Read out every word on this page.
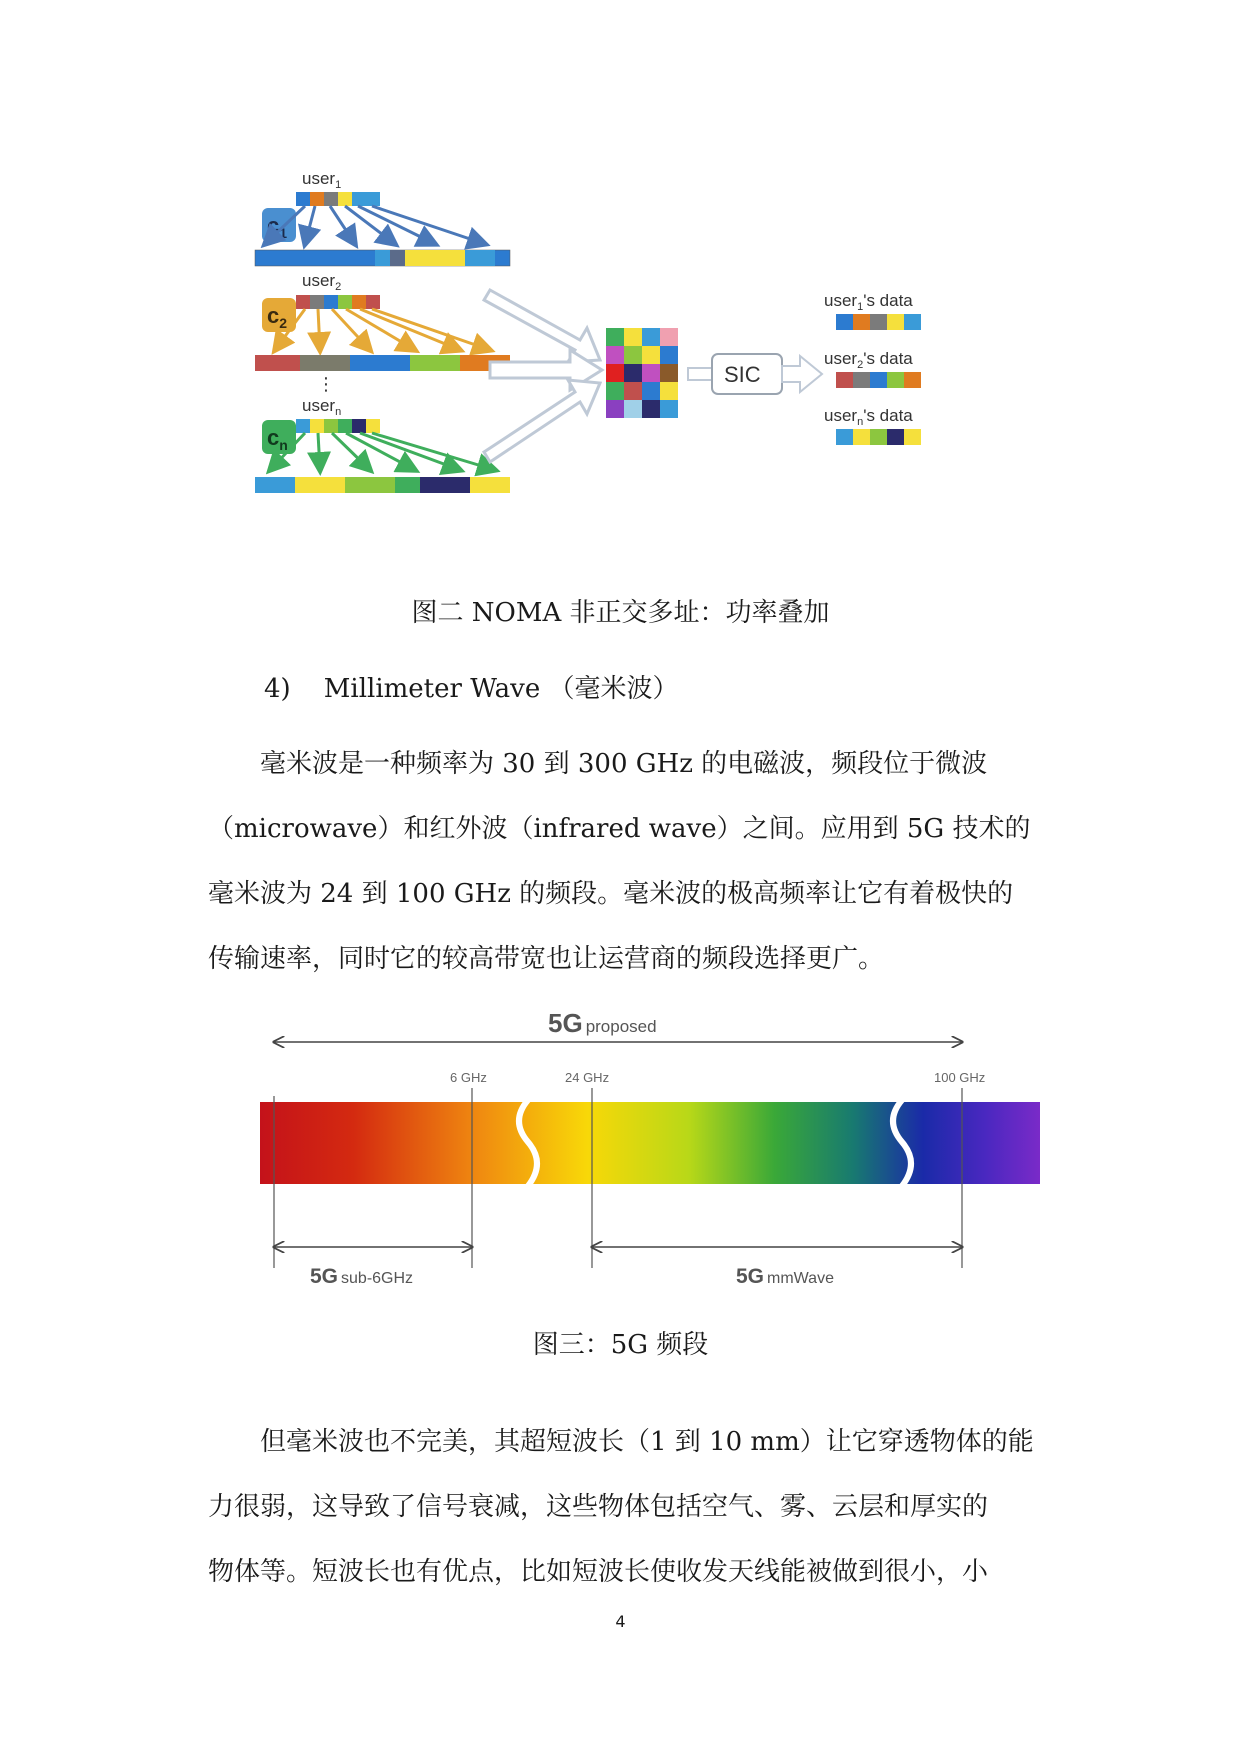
$c_1$
$c_2$
$c_n$
user$_1$
user$_2$
user$_n$
⋮	SIC
user$_1$'s data
user$_2$'s data
user$_n$'s data
图二 NOMA 非正交多址：功率叠加
4) Millimeter Wave （毫米波）

　　毫米波是一种频率为 30 到 300 GHz 的电磁波，频段位于微波

（microwave）和红外波（infrared wave）之间。应用到 5G 技术的

毫米波为 24 到 100 GHz 的频段。毫米波的极高频率让它有着极快的

传输速率，同时它的较高带宽也让运营商的频段选择更广。

5G proposed
6 GHz	24 GHz	100 GHz
5G sub-6GHz	5G mmWave
图三：5G 频段

　　但毫米波也不完美，其超短波长（1 到 10 mm）让它穿透物体的能

力很弱，这导致了信号衰减，这些物体包括空气、雾、云层和厚实的

物体等。短波长也有优点，比如短波长使收发天线能被做到很小，小

4
